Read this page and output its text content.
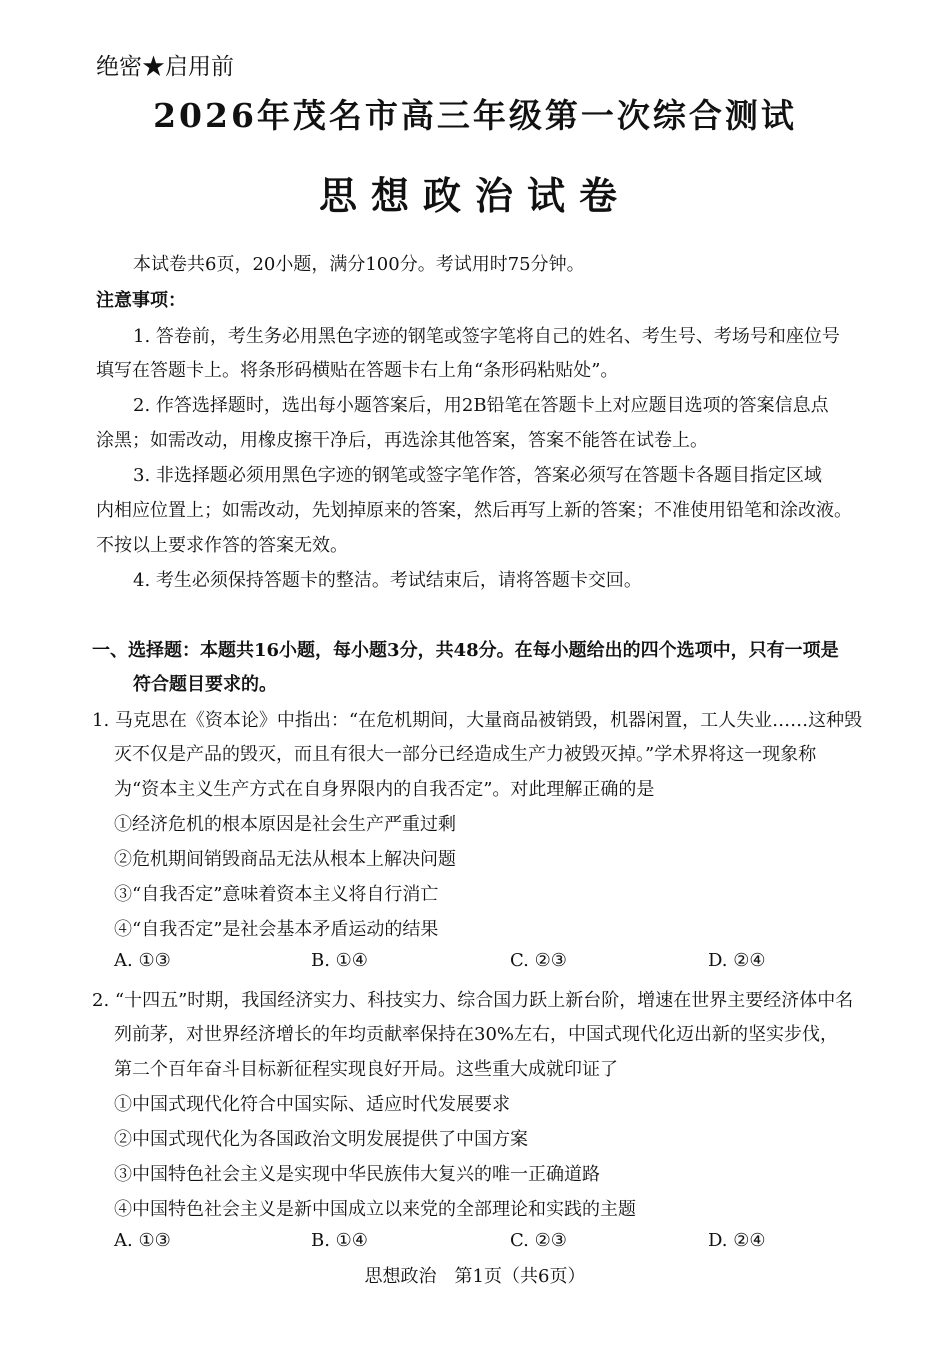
绝密★启用前
2026年茂名市高三年级第一次综合测试
思想政治试卷
本试卷共6页，20小题，满分100分。考试用时75分钟。
注意事项：
1. 答卷前，考生务必用黑色字迹的钢笔或签字笔将自己的姓名、考生号、考场号和座位号
填写在答题卡上。将条形码横贴在答题卡右上角“条形码粘贴处”。
2. 作答选择题时，选出每小题答案后，用2B铅笔在答题卡上对应题目选项的答案信息点
涂黑；如需改动，用橡皮擦干净后，再选涂其他答案，答案不能答在试卷上。
3. 非选择题必须用黑色字迹的钢笔或签字笔作答，答案必须写在答题卡各题目指定区域
内相应位置上；如需改动，先划掉原来的答案，然后再写上新的答案；不准使用铅笔和涂改液。
不按以上要求作答的答案无效。
4. 考生必须保持答题卡的整洁。考试结束后，请将答题卡交回。
一、选择题：本题共16小题，每小题3分，共48分。在每小题给出的四个选项中，只有一项是
符合题目要求的。
1. 马克思在《资本论》中指出：“在危机期间，大量商品被销毁，机器闲置，工人失业……这种毁
灭不仅是产品的毁灭，而且有很大一部分已经造成生产力被毁灭掉。”学术界将这一现象称
为“资本主义生产方式在自身界限内的自我否定”。对此理解正确的是
①经济危机的根本原因是社会生产严重过剩
②危机期间销毁商品无法从根本上解决问题
③“自我否定”意味着资本主义将自行消亡
④“自我否定”是社会基本矛盾运动的结果
A. ①③	B. ①④	C. ②③	D. ②④
2. “十四五”时期，我国经济实力、科技实力、综合国力跃上新台阶，增速在世界主要经济体中名
列前茅，对世界经济增长的年均贡献率保持在30%左右，中国式现代化迈出新的坚实步伐，
第二个百年奋斗目标新征程实现良好开局。这些重大成就印证了
①中国式现代化符合中国实际、适应时代发展要求
②中国式现代化为各国政治文明发展提供了中国方案
③中国特色社会主义是实现中华民族伟大复兴的唯一正确道路
④中国特色社会主义是新中国成立以来党的全部理论和实践的主题
A. ①③	B. ①④	C. ②③	D. ②④
思想政治　第1页（共6页）
